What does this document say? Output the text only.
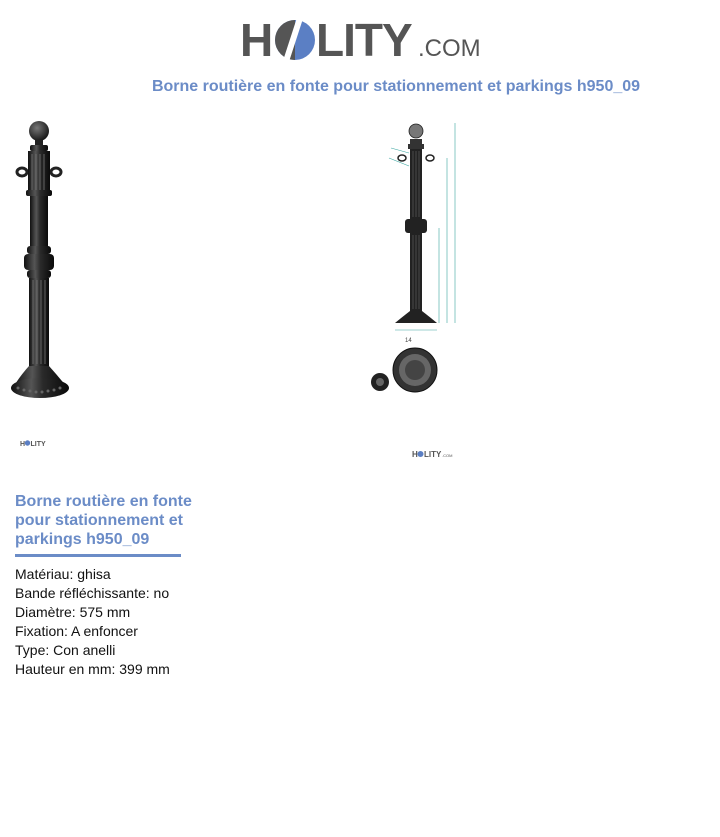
H LITY .COM
Borne routière en fonte pour stationnement et parkings h950_09
14
H LITY
H LITY .COM
Borne routière en fonte pour stationnement et parkings h950_09
Matériau: ghisa
Bande réfléchissante: no
Diamètre: 575 mm
Fixation: A enfoncer
Type: Con anelli
Hauteur en mm: 399 mm
